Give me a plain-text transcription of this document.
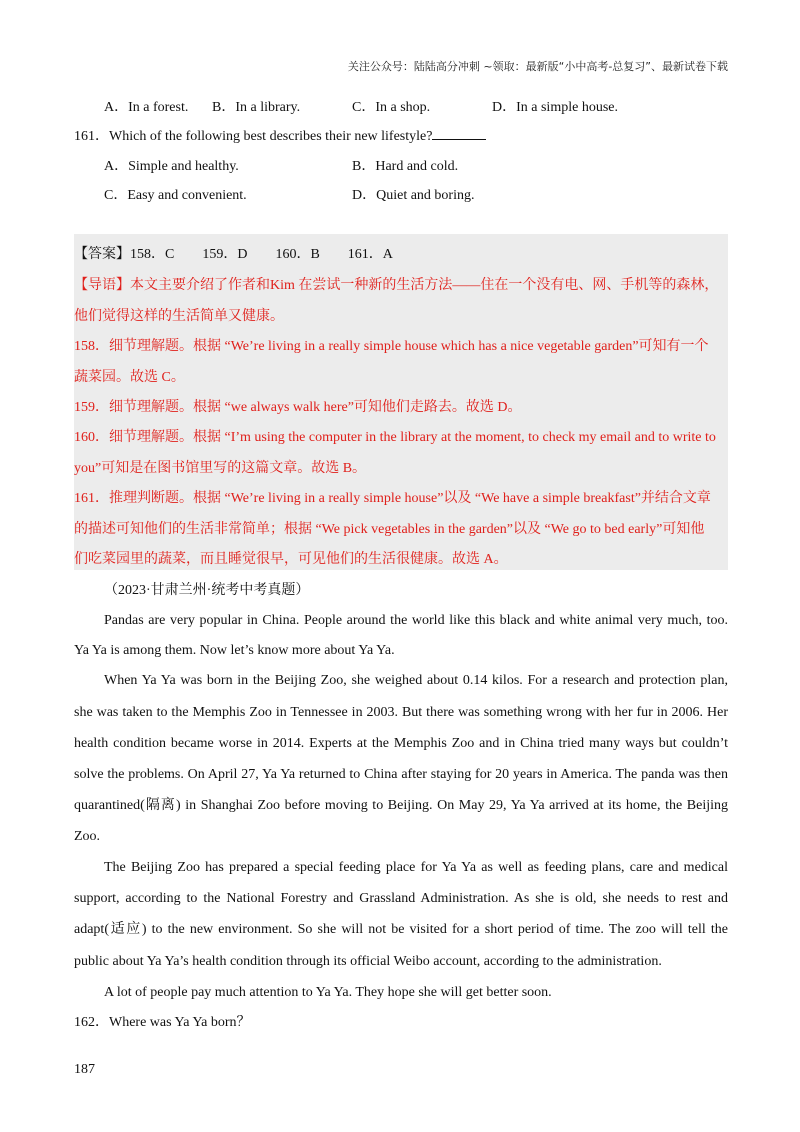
关注公众号：陆陆高分冲刺 ~领取：最新版“小中高考-总复习”、最新试卷下载
A．In a forest. B．In a library.	C．In a shop.	D．In a simple house.
161．Which of the following best describes their new lifestyle?
A．Simple and healthy.	B．Hard and cold.
C．Easy and convenient.	D．Quiet and boring.
【答案】158．C　　159．D　　160．B　　161．A
【导语】本文主要介绍了作者和Kim 在尝试一种新的生活方法——住在一个没有电、网、手机等的森林，
他们觉得这样的生活简单又健康。
158．细节理解题。根据 “We’re living in a really simple house which has a nice vegetable garden”可知有一个
蔬菜园。故选 C。
159．细节理解题。根据 “we always walk here”可知他们走路去。故选 D。
160．细节理解题。根据 “I’m using the computer in the library at the moment, to check my email and to write to
you”可知是在图书馆里写的这篇文章。故选 B。
161．推理判断题。根据 “We’re living in a really simple house”以及 “We have a simple breakfast”并结合文章
的描述可知他们的生活非常简单；根据 “We pick vegetables in the garden”以及 “We go to bed early”可知他
们吃菜园里的蔬菜，而且睡觉很早，可见他们的生活很健康。故选 A。
（2023·甘肃兰州·统考中考真题）
Pandas are very popular in China. People around the world like this black and white animal very much, too.
Ya Ya is among them. Now let’s know more about Ya Ya.
When Ya Ya was born in the Beijing Zoo, she weighed about 0.14 kilos. For a research and protection plan,
she was taken to the Memphis Zoo in Tennessee in 2003. But there was something wrong with her fur in 2006. Her
health condition became worse in 2014. Experts at the Memphis Zoo and in China tried many ways but couldn’t
solve the problems. On April 27, Ya Ya returned to China after staying for 20 years in America. The panda was then
quarantined(隔离) in Shanghai Zoo before moving to Beijing. On May 29, Ya Ya arrived at its home, the Beijing
Zoo.
The Beijing Zoo has prepared a special feeding place for Ya Ya as well as feeding plans, care and medical
support, according to the National Forestry and Grassland Administration. As she is old, she needs to rest and
adapt(适应) to the new environment. So she will not be visited for a short period of time. The zoo will tell the
public about Ya Ya’s health condition through its official Weibo account, according to the administration.
A lot of people pay much attention to Ya Ya. They hope she will get better soon.
162．Where was Ya Ya born？
187
